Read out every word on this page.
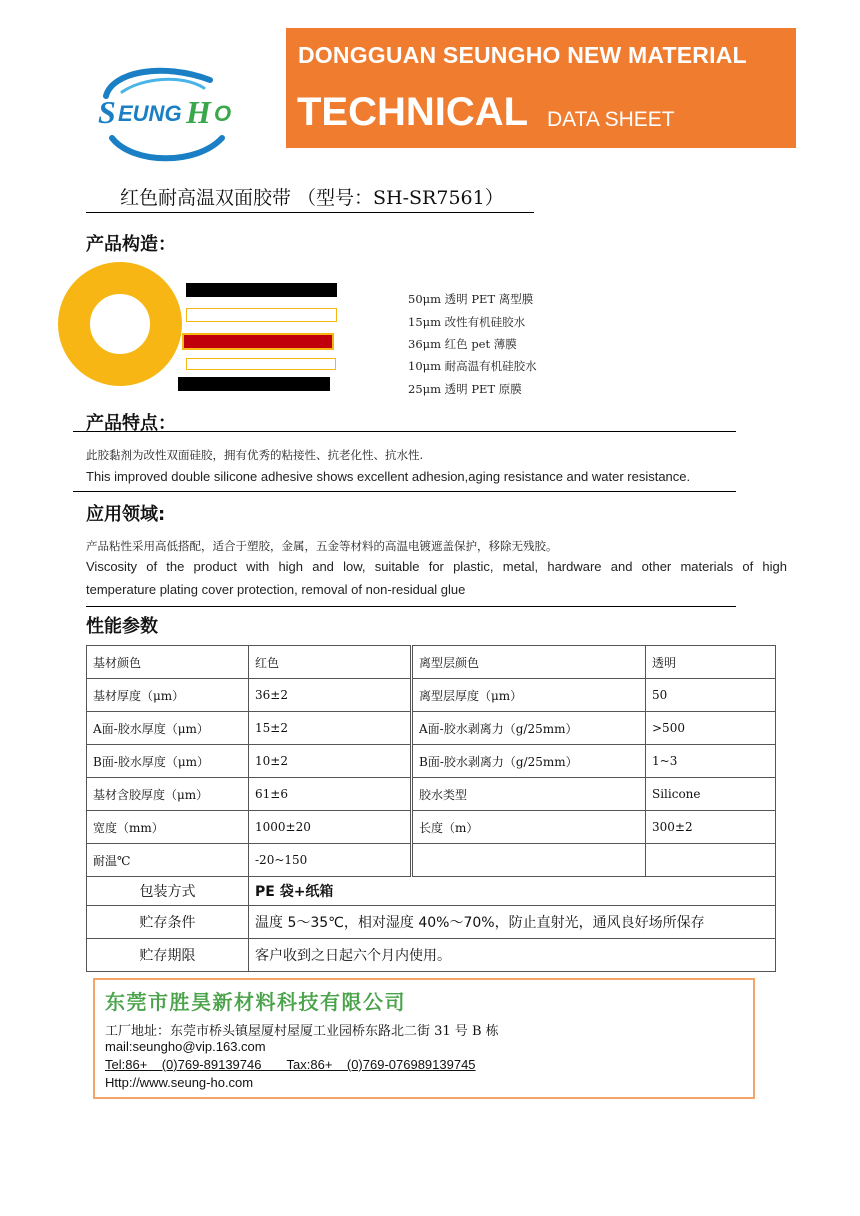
S EUNG H O
DONGGUAN SEUNGHO NEW MATERIAL
TECHNICAL DATA SHEET
红色耐高温双面胶带 （型号：SH-SR7561）
产品构造：
50μm 透明 PET 离型膜
15μm 改性有机硅胶水
36μm 红色 pet 薄膜
10μm 耐高温有机硅胶水
25μm 透明 PET 原膜
产品特点：
此胶黏剂为改性双面硅胶，拥有优秀的粘接性、抗老化性、抗水性.
This improved double silicone adhesive shows excellent adhesion,aging resistance and water resistance.
应用领域:
产品粘性采用高低搭配，适合于塑胶，金属，五金等材料的高温电镀遮盖保护，移除无残胶。
Viscosity of the product with high and low, suitable for plastic, metal, hardware and other materials of high
temperature plating cover protection, removal of non-residual glue
性能参数
基材颜色	红色	离型层颜色	透明
基材厚度（μm）	36±2	离型层厚度（μm）	50
A面-胶水厚度（μm）	15±2	A面-胶水剥离力（g/25mm）	>500
B面-胶水厚度（μm）	10±2	B面-胶水剥离力（g/25mm）	1~3
基材含胶厚度（μm）	61±6	胶水类型	Silicone
宽度（mm）	1000±20	长度（m）	300±2
耐温℃	-20~150		
包装方式	PE 袋+纸箱		
贮存条件	温度 5～35℃，相对湿度 40%～70%，防止直射光，通风良好场所保存		
贮存期限	客户收到之日起六个月内使用。		
东莞市胜昊新材料科技有限公司
工厂地址：东莞市桥头镇屋厦村屋厦工业园桥东路北二街 31 号 B 栋
mail:seungho@vip.163.com
Tel:86+    (0)769-89139746       Tax:86+    (0)769-076989139745
Http://www.seung-ho.com
